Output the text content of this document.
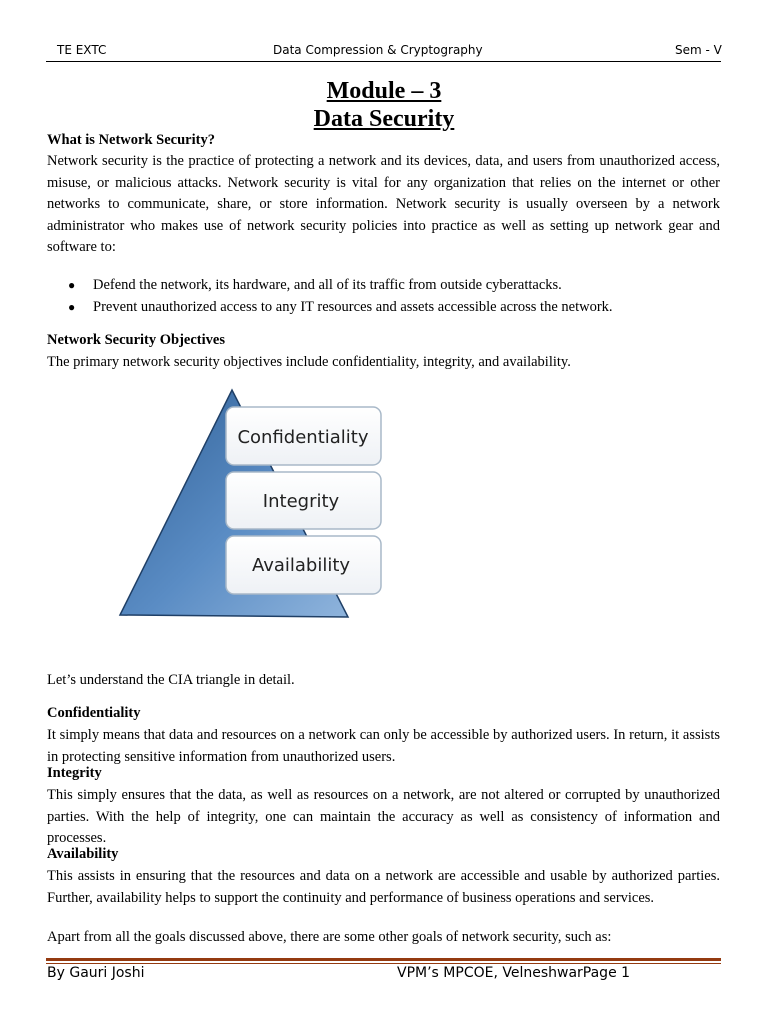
TE EXTC	Data Compression & Cryptography	Sem - V
Module – 3
Data Security
What is Network Security?
Network security is the practice of protecting a network and its devices, data, and users from unauthorized access, misuse, or malicious attacks. Network security is vital for any organization that relies on the internet or other networks to communicate, share, or store information. Network security is usually overseen by a network administrator who makes use of network security policies into practice as well as setting up network gear and software to:
● Defend the network, its hardware, and all of its traffic from outside cyberattacks.
● Prevent unauthorized access to any IT resources and assets accessible across the network.
Network Security Objectives
The primary network security objectives include confidentiality, integrity, and availability.
Confidentiality
Integrity
Availability
Let’s understand the CIA triangle in detail.
Confidentiality
It simply means that data and resources on a network can only be accessible by authorized users. In return, it assists in protecting sensitive information from unauthorized users.
Integrity
This simply ensures that the data, as well as resources on a network, are not altered or corrupted by unauthorized parties. With the help of integrity, one can maintain the accuracy as well as consistency of information and processes.
Availability
This assists in ensuring that the resources and data on a network are accessible and usable by authorized parties. Further, availability helps to support the continuity and performance of business operations and services.
Apart from all the goals discussed above, there are some other goals of network security, such as:
By Gauri Joshi	VPM’s MPCOE, VelneshwarPage 1
